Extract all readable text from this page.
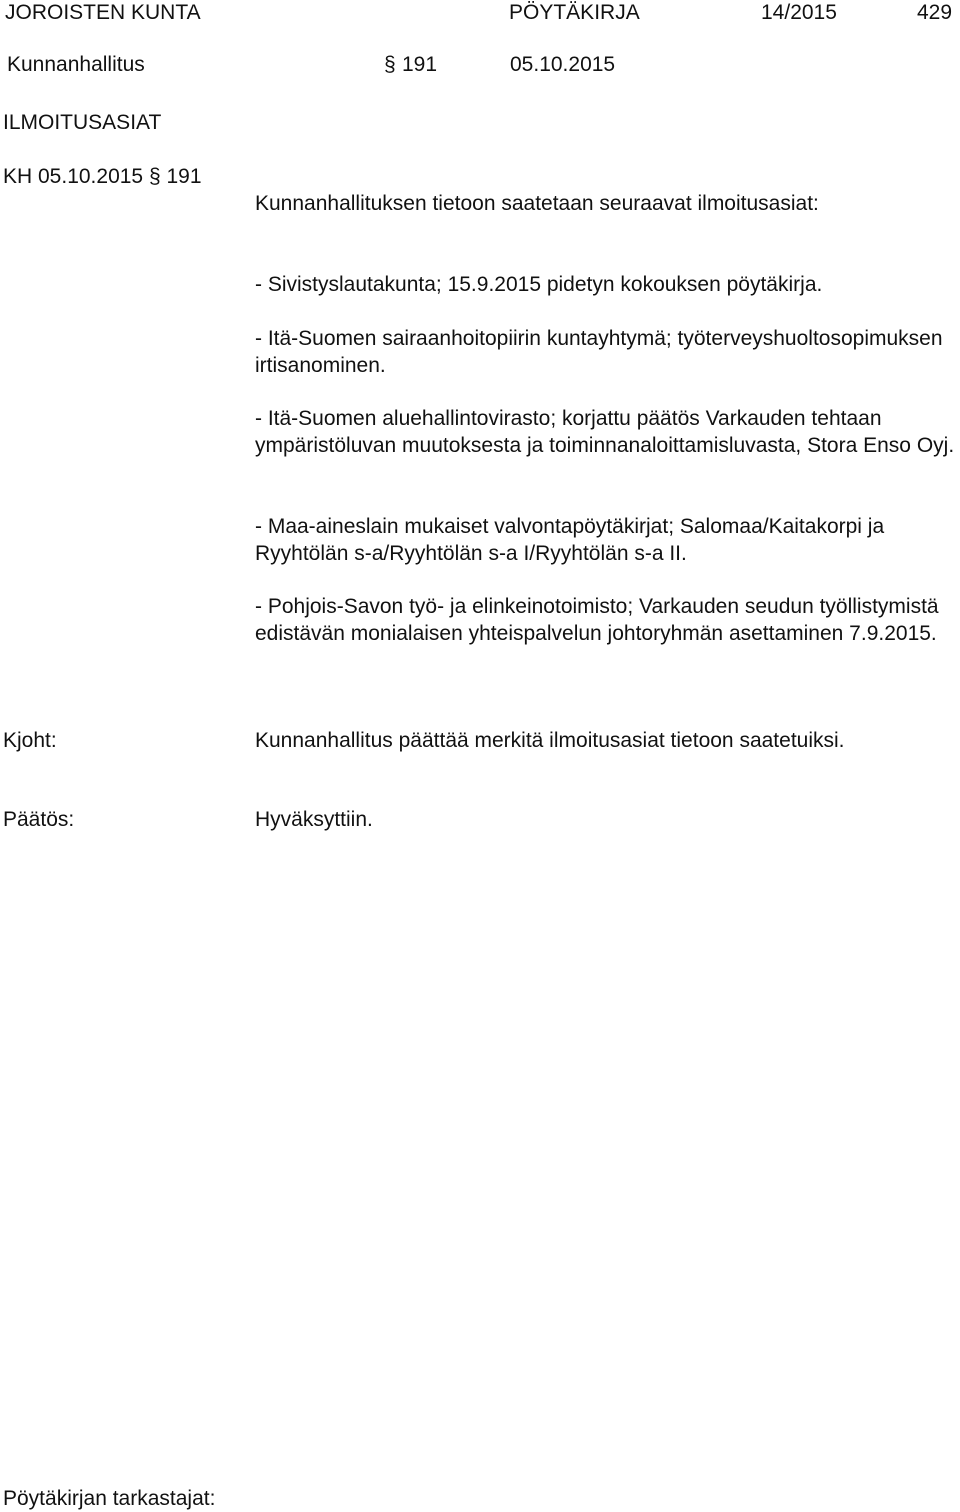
JOROISTEN KUNTA	PÖYTÄKIRJA	14/2015	429
Kunnanhallitus	§ 191	05.10.2015
ILMOITUSASIAT
KH 05.10.2015 § 191
Kunnanhallituksen tietoon saatetaan seuraavat ilmoitusasiat:
- Sivistyslautakunta; 15.9.2015 pidetyn kokouksen pöytäkirja.
- Itä-Suomen sairaanhoitopiirin kuntayhtymä; työterveyshuoltosopimuksen irtisanominen.
- Itä-Suomen aluehallintovirasto; korjattu päätös Varkauden tehtaan ympäristöluvan muutoksesta ja toiminnanaloittamisluvasta, Stora Enso Oyj.
- Maa-aineslain mukaiset valvontapöytäkirjat; Salomaa/Kaitakorpi ja Ryyhtölän s-a/Ryyhtölän s-a I/Ryyhtölän s-a II.
- Pohjois-Savon työ- ja elinkeinotoimisto; Varkauden seudun työllistymistä edistävän monialaisen yhteispalvelun johtoryhmän asettaminen 7.9.2015.
Kjoht:	Kunnanhallitus päättää merkitä ilmoitusasiat tietoon saatetuiksi.
Päätös:	Hyväksyttiin.
Pöytäkirjan tarkastajat:
